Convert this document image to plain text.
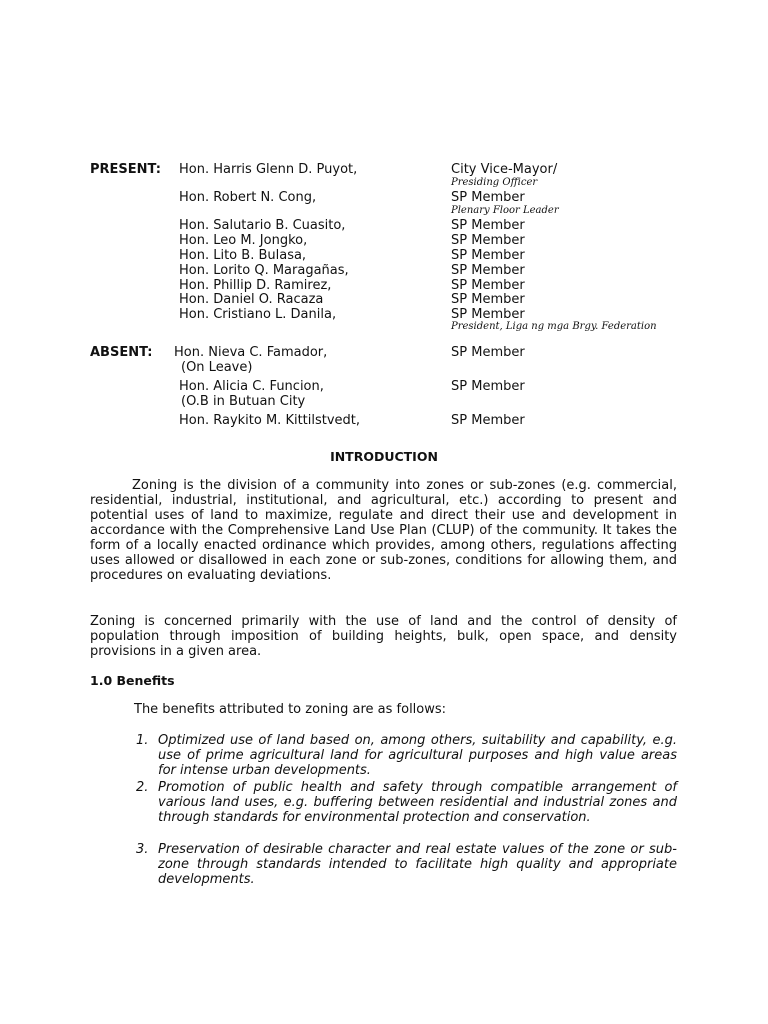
PRESENT: Hon. Harris Glenn D. Puyot,	City Vice-Mayor/
Presiding Officer
Hon. Robert N. Cong,	SP Member
Plenary Floor Leader
Hon. Salutario B. Cuasito,	SP Member
Hon. Leo M. Jongko,	SP Member
Hon. Lito B. Bulasa,	SP Member
Hon. Lorito Q. Maragañas,	SP Member
Hon. Phillip D. Ramirez,	SP Member
Hon. Daniel O. Racaza	SP Member
Hon. Cristiano L. Danila,	SP Member
President, Liga ng mga Brgy. Federation
ABSENT: Hon. Nieva C. Famador,	SP Member
(On Leave)
Hon. Alicia C. Funcion,	SP Member
(O.B in Butuan City
Hon. Raykito M. Kittilstvedt,	SP Member
INTRODUCTION
Zoning is the division of a community into zones or sub-zones (e.g. commercial, residential, industrial, institutional, and agricultural, etc.) according to present and potential uses of land to maximize, regulate and direct their use and development in accordance with the Comprehensive Land Use Plan (CLUP) of the community. It takes the form of a locally enacted ordinance which provides, among others, regulations affecting uses allowed or disallowed in each zone or sub-zones, conditions for allowing them, and procedures on evaluating deviations.
Zoning is concerned primarily with the use of land and the control of density of population through imposition of building heights, bulk, open space, and density provisions in a given area.
1.0 Benefits
The benefits attributed to zoning are as follows:
1. Optimized use of land based on, among others, suitability and capability, e.g. use of prime agricultural land for agricultural purposes and high value areas for intense urban developments.
2. Promotion of public health and safety through compatible arrangement of various land uses, e.g. buffering between residential and industrial zones and through standards for environmental protection and conservation.
3. Preservation of desirable character and real estate values of the zone or sub-zone through standards intended to facilitate high quality and appropriate developments.
